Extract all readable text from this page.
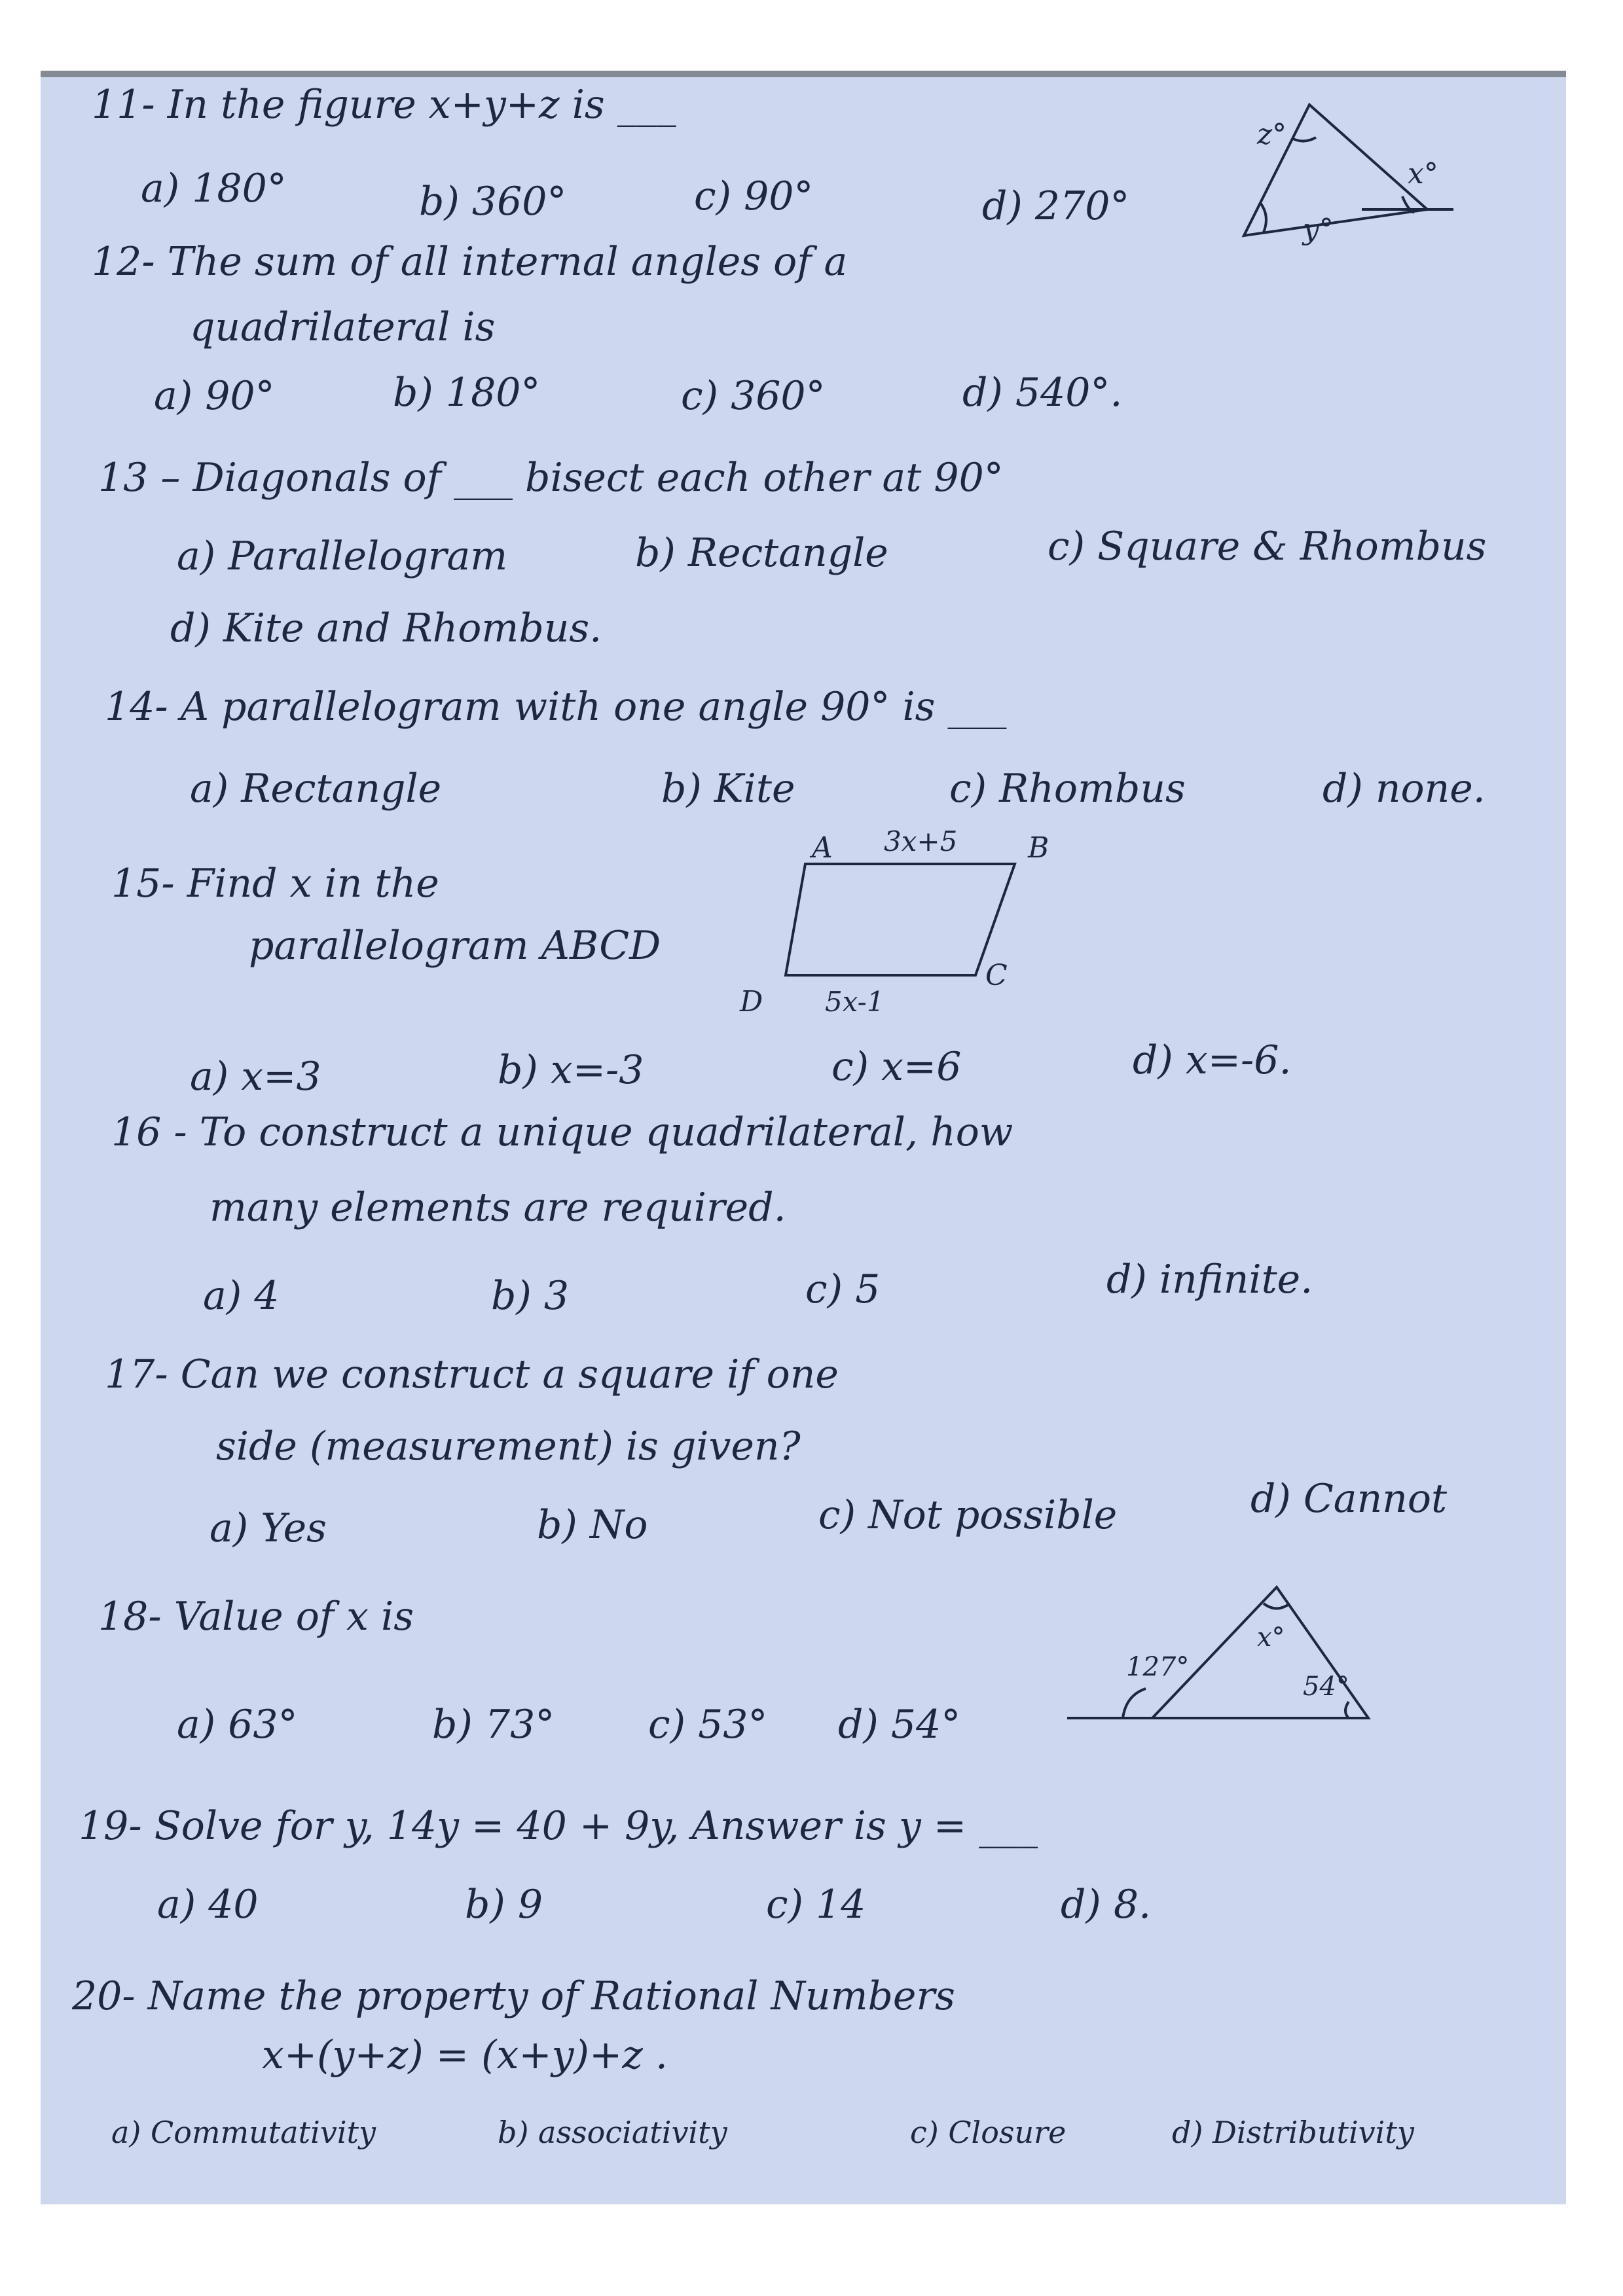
11- In the figure x+y+z is ___
a) 180°	b) 360°	c) 90°	d) 270°
z°
x°
y°
12- The sum of all internal angles of a
quadrilateral is
a) 90°	b) 180°	c) 360°	d) 540°.
13 – Diagonals of ___ bisect each other at 90°
a) Parallelogram	b) Rectangle	c) Square & Rhombus
d) Kite and Rhombus.
14- A parallelogram with one angle 90° is ___
a) Rectangle	b) Kite	c) Rhombus	d) none.
15- Find x in the
parallelogram ABCD
A	B
C
D
3x+5
5x-1
a) x=3	b) x=-3	c) x=6	d) x=-6.
16 - To construct a unique quadrilateral, how
many elements are required.
a) 4	b) 3	c) 5	d) infinite.
17- Can we construct a square if one
side (measurement) is given?
a) Yes	b) No	c) Not possible	d) Cannot
18- Value of x is
127°
x°
54°
a) 63°	b) 73° c) 53° d) 54°
19- Solve for y, 14y = 40 + 9y, Answer is y = ___
a) 40	b) 9	c) 14	d) 8.
20- Name the property of Rational Numbers
x+(y+z) = (x+y)+z .
a) Commutativity	b) associativity	c) Closure	d) Distributivity
